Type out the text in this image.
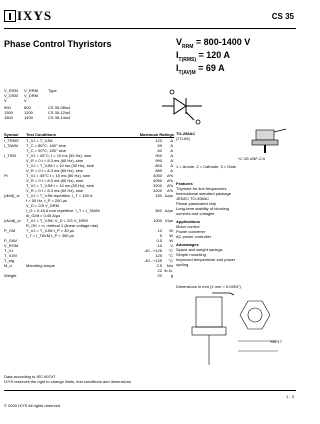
IXYS	CS 35
Phase Control Thyristors	$V_{RRM} = 800-1400$ V
$I_{T(RMS)} = 120$ A
$I_{T(AV)M} = 69$ A
V_RSM	V_RRM	Type
V_DSM	V_DRM
V	V
900	800	CS 35-08io4
1300	1200	CS 35-12io4
1500	1400	CS 35-14io4
TO-208AC
(TO-65)
¼"-28 UNF-2 A
1 = Anode, 2 = Cathode, 3 = Gate
Symbol	Test Conditions	Maximum Ratings
I_TRMS	T_VJ = T_VJM	120	A
I_TAVM	T_C = 85°C; 180° sine	69	A
T_C = 90°C; 180° sine	62	A
I_TSM	T_VJ = 45°C; t = 10 ms (50 Hz), sine	900	A
V_R = 0 t = 8.3 ms (60 Hz), sine	990	A
T_VJ = T_VJM t = 10 ms (50 Hz), sine	800	A
V_R = 0 t = 8.3 ms (60 Hz), sine	880	A
I²t	T_VJ = 45°C t = 10 ms (50 Hz), sine	4050	A²s
V_R = 0 t = 8.3 ms (60 Hz), sine	4050	A²s
T_VJ = T_VJM t = 10 ms (50 Hz), sine	3200	A²s
V_R = 0 t = 8.3 ms (60 Hz), sine	3200	A²s
(di/dt)_cr	T_VJ = T_VJM repetitive, I_T = 150 A	150 A/µs
f = 50 Hz, t_P = 200 µs
V_D = 2/3 V_DRM
I_G = 0.45 A non repetitive, I_T = I_TAVM	500 A/µs
di_G/dt = 0.45 A/µs
(dv/dt)_cr	T_VJ = T_VJM; V_D = 2/3 V_DRM	1000 V/µs
R_GK = ∞; method 1 (linear voltage rise)
P_GM	T_VJ = T_VJM t_P = 30 µs	10	W
I_T = I_TAVM t_P = 300 µs	5	W
P_GAV	0.5	W
V_RGM	10	V
T_VJ	-40...+125	°C
T_VJM	125	°C
T_stg	-40...+125	°C
M_d	Mounting torque	2.5	Nm
22 lb.in.
Weight	20	g
Features
Thyristor for line frequencies
International standard package
JEDEC TO-208AC
Planar passivated chip
Long-term stability of blocking
currents and voltages
Applications
Motor control
Power converter
AC power controller
Advantages
Space and weight savings
Simple mounting
Improved temperature and power
cycling
Dimensions in mm (1 mm = 0.0394")
SW 17
Data according to IEC 60747
IXYS reserves the right to change limits, test conditions and dimensions
1 - 3
© 2000 IXYS All rights reserved
